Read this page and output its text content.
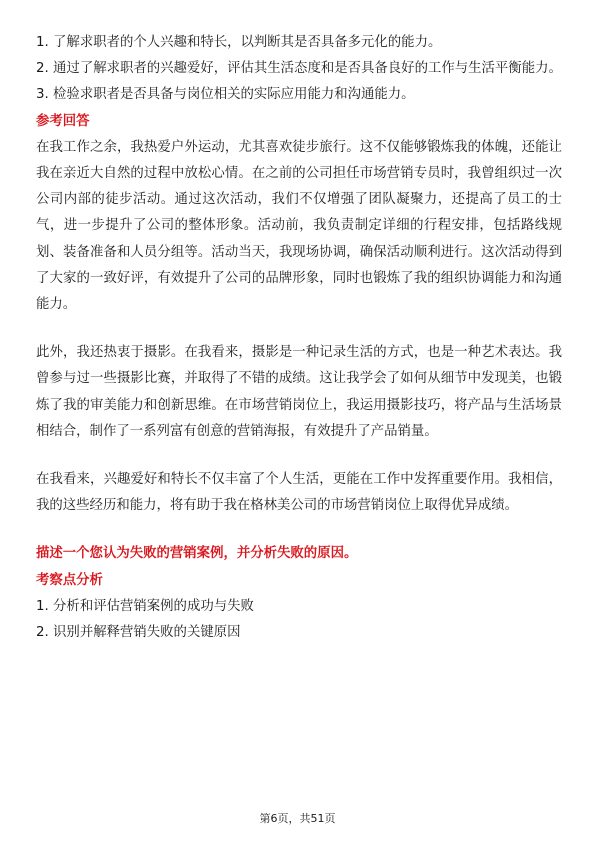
1. 了解求职者的个人兴趣和特长，以判断其是否具备多元化的能力。

2. 通过了解求职者的兴趣爱好，评估其生活态度和是否具备良好的工作与生活平衡能力。

3. 检验求职者是否具备与岗位相关的实际应用能力和沟通能力。

参考回答

在我工作之余，我热爱户外运动，尤其喜欢徒步旅行。这不仅能够锻炼我的体魄，还能让我在亲近大自然的过程中放松心情。在之前的公司担任市场营销专员时，我曾组织过一次公司内部的徒步活动。通过这次活动，我们不仅增强了团队凝聚力，还提高了员工的士气，进一步提升了公司的整体形象。活动前，我负责制定详细的行程安排，包括路线规划、装备准备和人员分组等。活动当天，我现场协调，确保活动顺利进行。这次活动得到了大家的一致好评，有效提升了公司的品牌形象，同时也锻炼了我的组织协调能力和沟通能力。

此外，我还热衷于摄影。在我看来，摄影是一种记录生活的方式，也是一种艺术表达。我曾参与过一些摄影比赛，并取得了不错的成绩。这让我学会了如何从细节中发现美，也锻炼了我的审美能力和创新思维。在市场营销岗位上，我运用摄影技巧，将产品与生活场景相结合，制作了一系列富有创意的营销海报，有效提升了产品销量。

在我看来，兴趣爱好和特长不仅丰富了个人生活，更能在工作中发挥重要作用。我相信，我的这些经历和能力，将有助于我在格林美公司的市场营销岗位上取得优异成绩。

描述一个您认为失败的营销案例，并分析失败的原因。

考察点分析

1. 分析和评估营销案例的成功与失败

2. 识别并解释营销失败的关键原因

第6页，共51页
